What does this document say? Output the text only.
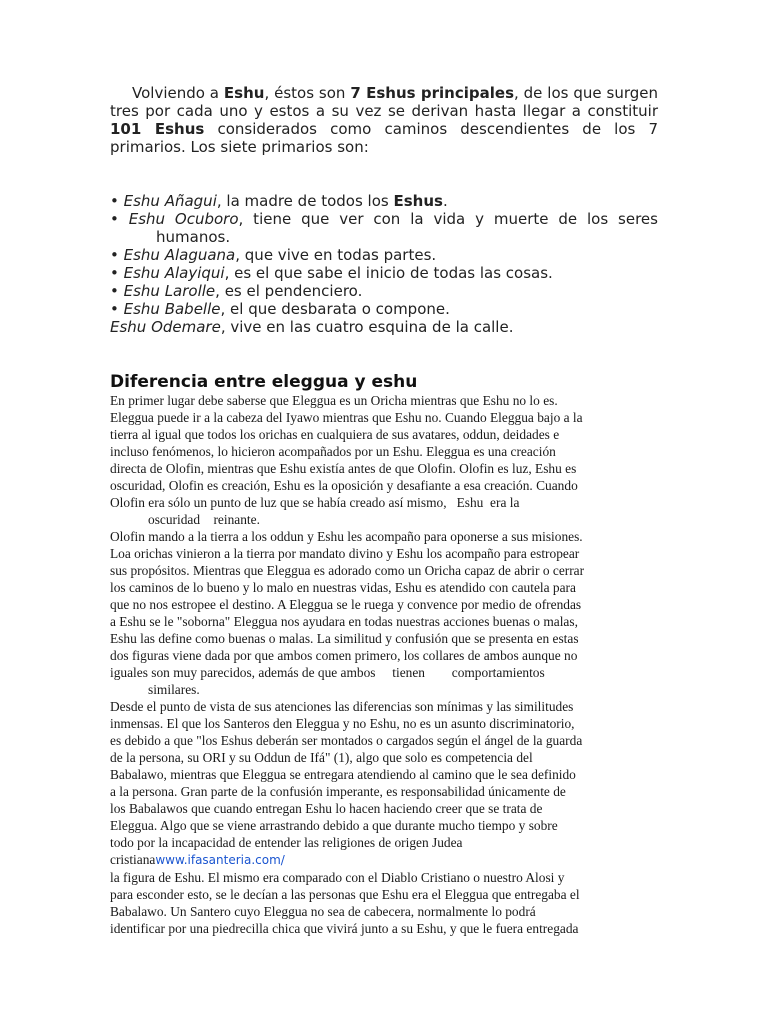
Volviendo a Eshu, éstos son 7 Eshus principales, de los que surgen tres por cada uno y estos a su vez se derivan hasta llegar a constituir 101 Eshus considerados como caminos descendientes de los 7 primarios. Los siete primarios son:

• Eshu Añagui, la madre de todos los Eshus.
• Eshu Ocuboro, tiene que ver con la vida y muerte de los seres
humanos.
• Eshu Alaguana, que vive en todas partes.
• Eshu Alayiqui, es el que sabe el inicio de todas las cosas.
• Eshu Larolle, es el pendenciero.
• Eshu Babelle, el que desbarata o compone.
Eshu Odemare, vive en las cuatro esquina de la calle.
Diferencia entre eleggua y eshu
En primer lugar debe saberse que Eleggua es un Oricha mientras que Eshu no lo es.
Eleggua puede ir a la cabeza del Iyawo mientras que Eshu no. Cuando Eleggua bajo a la
tierra al igual que todos los orichas en cualquiera de sus avatares, oddun, deidades e
incluso fenómenos, lo hicieron acompañados por un Eshu. Eleggua es una creación
directa de Olofin, mientras que Eshu existía antes de que Olofin. Olofin es luz, Eshu es
oscuridad, Olofin es creación, Eshu es la oposición y desafiante a esa creación. Cuando
Olofin era sólo un punto de luz que se había creado así mismo,   Eshu  era la
oscuridad    reinante.
Olofin mando a la tierra a los oddun y Eshu les acompaño para oponerse a sus misiones.
Loa orichas vinieron a la tierra por mandato divino y Eshu los acompaño para estropear
sus propósitos. Mientras que Eleggua es adorado como un Oricha capaz de abrir o cerrar
los caminos de lo bueno y lo malo en nuestras vidas, Eshu es atendido con cautela para
que no nos estropee el destino. A Eleggua se le ruega y convence por medio de ofrendas
a Eshu se le "soborna" Eleggua nos ayudara en todas nuestras acciones buenas o malas,
Eshu las define como buenas o malas. La similitud y confusión que se presenta en estas
dos figuras viene dada por que ambos comen primero, los collares de ambos aunque no
iguales son muy parecidos, además de que ambos     tienen        comportamientos
similares.
Desde el punto de vista de sus atenciones las diferencias son mínimas y las similitudes
inmensas. El que los Santeros den Eleggua y no Eshu, no es un asunto discriminatorio,
es debido a que "los Eshus deberán ser montados o cargados según el ángel de la guarda
de la persona, su ORI y su Oddun de Ifá" (1), algo que solo es competencia del
Babalawo, mientras que Eleggua se entregara atendiendo al camino que le sea definido
a la persona. Gran parte de la confusión imperante, es responsabilidad únicamente de
los Babalawos que cuando entregan Eshu lo hacen haciendo creer que se trata de
Eleggua. Algo que se viene arrastrando debido a que durante mucho tiempo y sobre
todo por la incapacidad de entender las religiones de origen Judea
cristianawww.ifasanteria.com/
la figura de Eshu. El mismo era comparado con el Diablo Cristiano o nuestro Alosi y
para esconder esto, se le decían a las personas que Eshu era el Eleggua que entregaba el
Babalawo. Un Santero cuyo Eleggua no sea de cabecera, normalmente lo podrá
identificar por una piedrecilla chica que vivirá junto a su Eshu, y que le fuera entregada
